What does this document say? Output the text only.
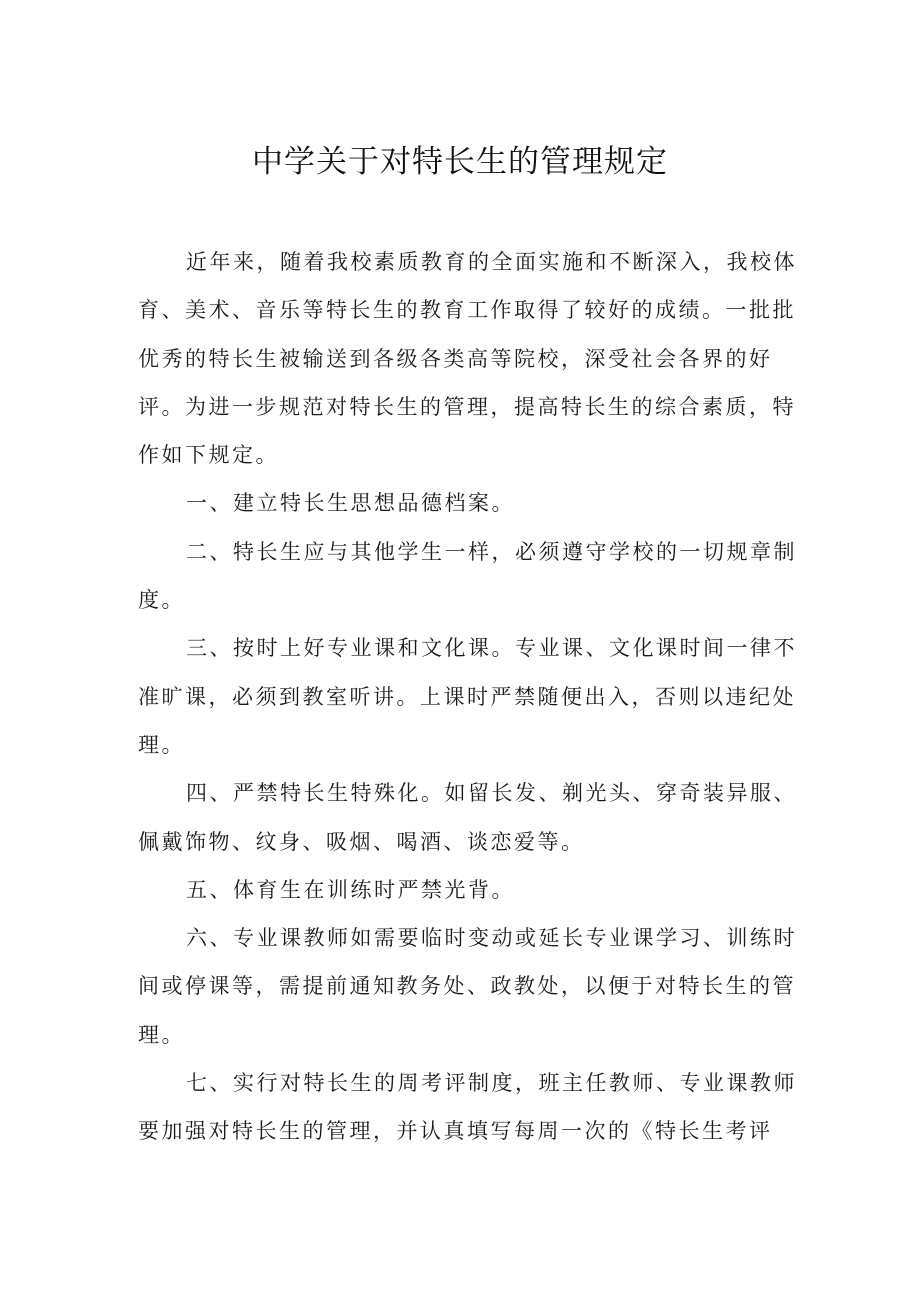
中学关于对特长生的管理规定

近年来，随着我校素质教育的全面实施和不断深入，我校体育、美术、音乐等特长生的教育工作取得了较好的成绩。一批批优秀的特长生被输送到各级各类高等院校，深受社会各界的好评。为进一步规范对特长生的管理，提高特长生的综合素质，特作如下规定。

一、建立特长生思想品德档案。

二、特长生应与其他学生一样，必须遵守学校的一切规章制度。

三、按时上好专业课和文化课。专业课、文化课时间一律不准旷课，必须到教室听讲。上课时严禁随便出入，否则以违纪处理。

四、严禁特长生特殊化。如留长发、剃光头、穿奇装异服、佩戴饰物、纹身、吸烟、喝酒、谈恋爱等。

五、体育生在训练时严禁光背。

六、专业课教师如需要临时变动或延长专业课学习、训练时间或停课等，需提前通知教务处、政教处，以便于对特长生的管理。

七、实行对特长生的周考评制度，班主任教师、专业课教师要加强对特长生的管理，并认真填写每周一次的《特长生考评
